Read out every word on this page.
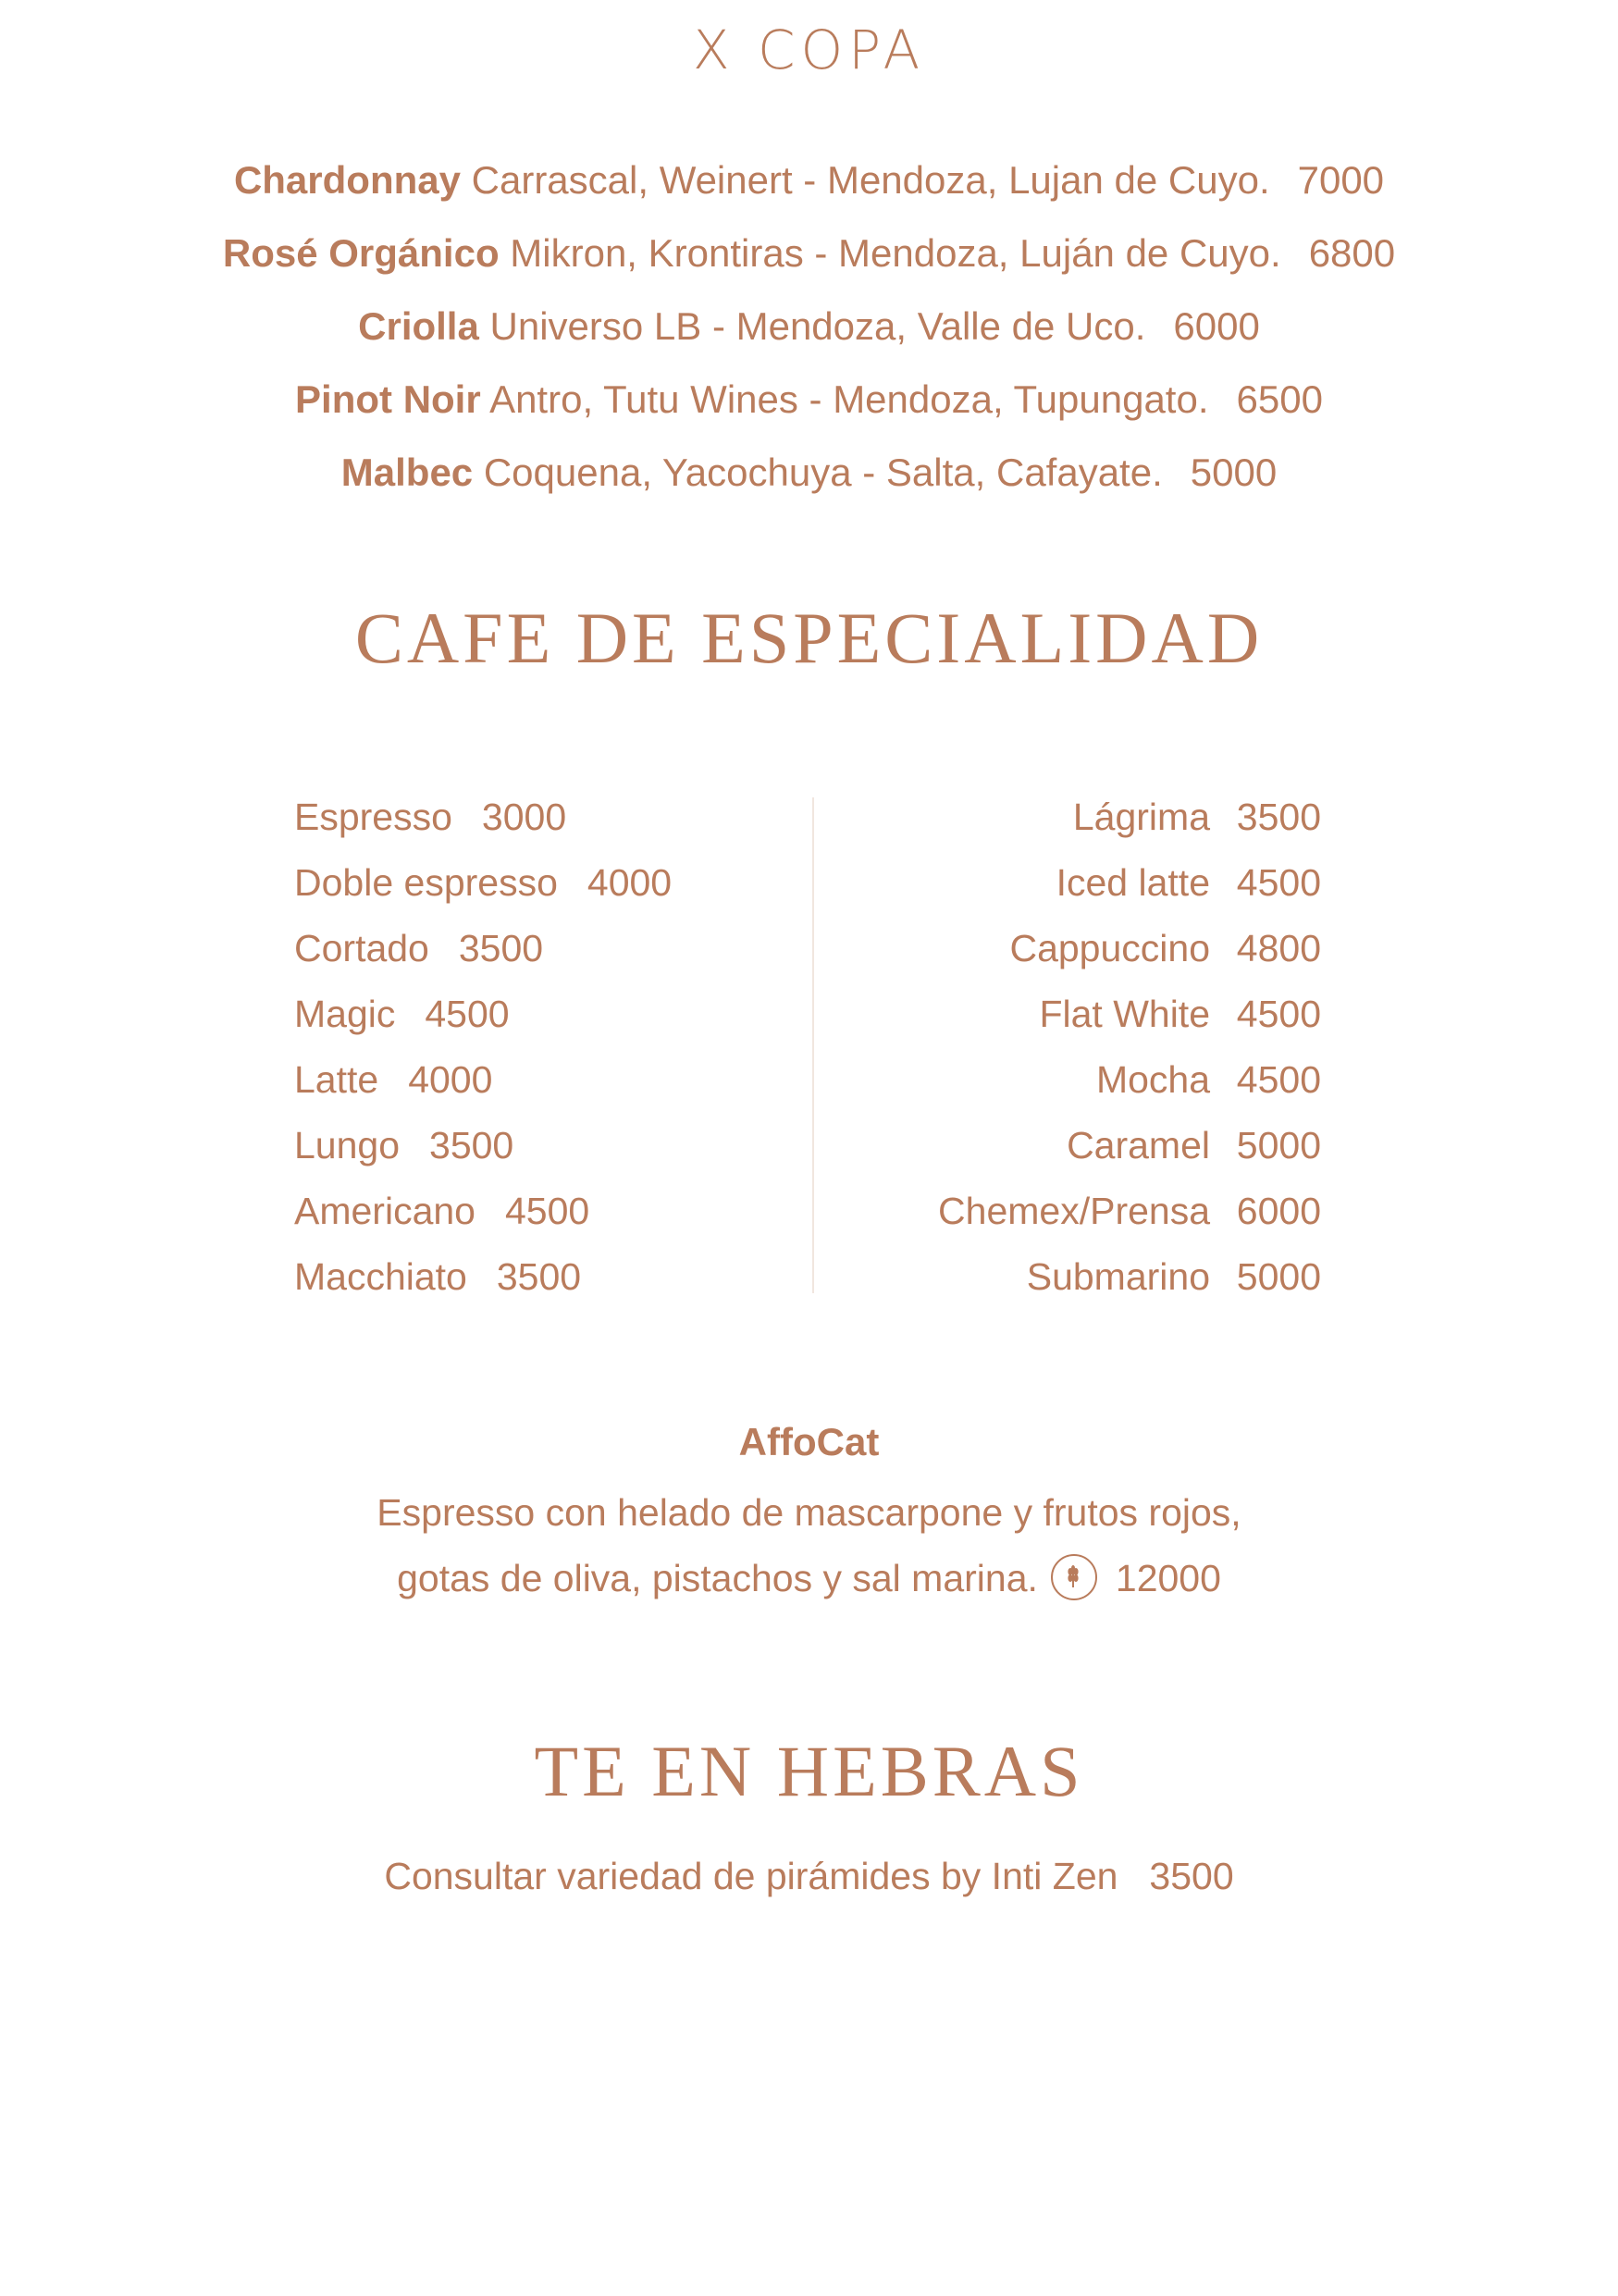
X COPA
Chardonnay Carrascal, Weinert - Mendoza, Lujan de Cuyo. 7000
Rosé Orgánico Mikron, Krontiras - Mendoza, Luján de Cuyo. 6800
Criolla Universo LB - Mendoza, Valle de Uco. 6000
Pinot Noir Antro, Tutu Wines - Mendoza, Tupungato. 6500
Malbec Coquena, Yacochuya - Salta, Cafayate. 5000
CAFE DE ESPECIALIDAD
Espresso 3000
Doble espresso 4000
Cortado 3500
Magic 4500
Latte 4000
Lungo 3500
Americano 4500
Macchiato 3500
Lágrima 3500
Iced latte 4500
Cappuccino 4800
Flat White 4500
Mocha 4500
Caramel 5000
Chemex/Prensa 6000
Submarino 5000
AffoCat
Espresso con helado de mascarpone y frutos rojos,
gotas de oliva, pistachos y sal marina. 12000
TE EN HEBRAS
Consultar variedad de pirámides by Inti Zen 3500
